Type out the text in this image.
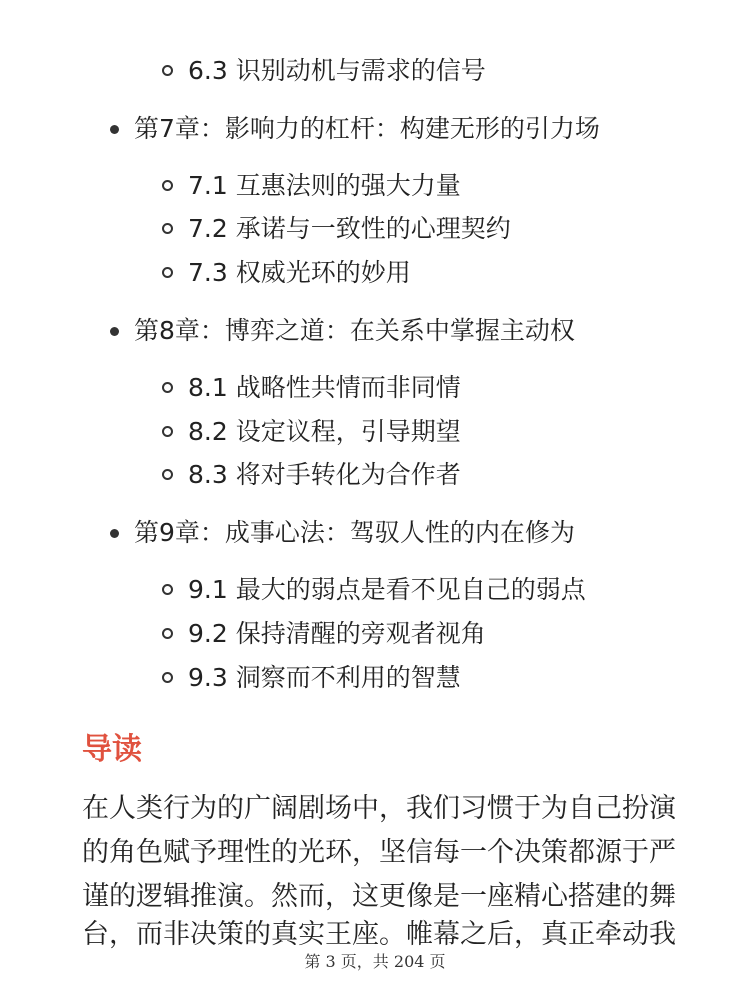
6.3 识别动机与需求的信号
第7章：影响力的杠杆：构建无形的引力场
7.1 互惠法则的强大力量
7.2 承诺与一致性的心理契约
7.3 权威光环的妙用
第8章：博弈之道：在关系中掌握主动权
8.1 战略性共情而非同情
8.2 设定议程，引导期望
8.3 将对手转化为合作者
第9章：成事心法：驾驭人性的内在修为
9.1 最大的弱点是看不见自己的弱点
9.2 保持清醒的旁观者视角
9.3 洞察而不利用的智慧
导读
在人类行为的广阔剧场中，我们习惯于为自己扮演
的角色赋予理性的光环，坚信每一个决策都源于严
谨的逻辑推演。然而，这更像是一座精心搭建的舞
台，而非决策的真实王座。帷幕之后，真正牵动我
第 3 页，共 204 页
